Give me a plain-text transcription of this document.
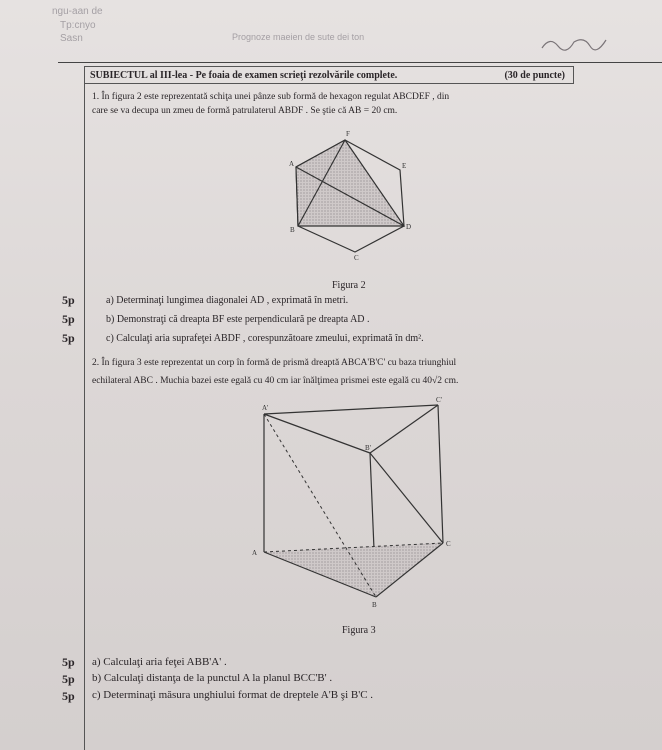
ngu-aan de
Tp:cnyo
Sasn	Prognoze maeien de sute dei ton
SUBIECTUL al III-lea - Pe foaia de examen scrieţi rezolvările complete.	(30 de puncte)
1. În figura 2 este reprezentată schiţa unei pânze sub formă de hexagon regulat ABCDEF , din
care se va decupa un zmeu de formă patrulaterul ABDF . Se ştie că AB = 20 cm.
F
E
D
C
B
A
A'
C'
B'
A
C
B
Figura 2
5p	a) Determinaţi lungimea diagonalei AD , exprimată în metri.
5p	b) Demonstraţi că dreapta BF este perpendiculară pe dreapta AD .
5p	c) Calculaţi aria suprafeţei ABDF , corespunzătoare zmeului, exprimată în dm².
2. În figura 3 este reprezentat un corp în formă de prismă dreaptă ABCA'B'C' cu baza triunghiul
echilateral ABC . Muchia bazei este egală cu 40 cm iar înălţimea prismei este egală cu 40√2 cm.
Figura 3
5p a) Calculaţi aria feţei ABB'A' .
5p b) Calculaţi distanţa de la punctul A la planul BCC'B' .
5p c) Determinaţi măsura unghiului format de dreptele A'B şi B'C .
